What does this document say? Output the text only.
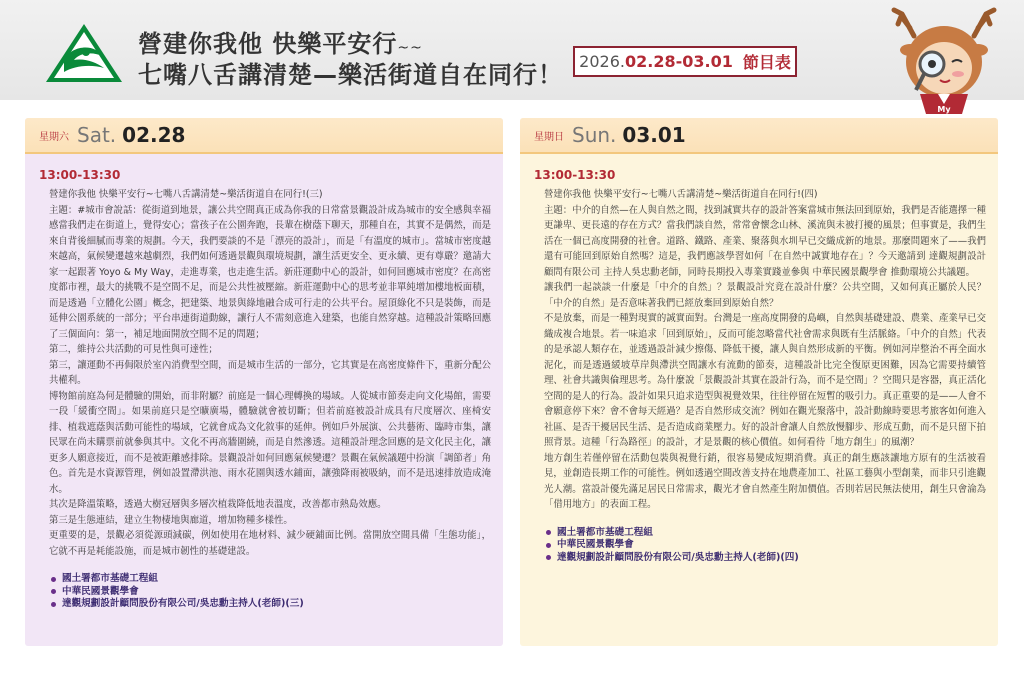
營建你我他 快樂平安行~~
七嘴八舌講清楚—樂活街道自在同行！ 2026.02.28-03.01 節目表
My
星期六 Sat. 02.28
13:00-13:30

營建你我他 快樂平安行~七嘴八舌講清楚~樂活街道自在同行!(三)

主題：#城市會說話：從街道到地景，讓公共空間真正成為你我的日常當景觀設計成為城市的安全感與幸福感當我們走在街道上，覺得安心；當孩子在公園奔跑，長輩在樹蔭下聊天，那種自在，其實不是偶然，而是來自背後細膩而專業的規劃。今天，我們要談的不是「漂亮的設計」，而是「有溫度的城市」。當城市密度越來越高，氣候變遷越來越劇烈，我們如何透過景觀與環境規劃，讓生活更安全、更永續、更有尊嚴？邀請大家一起跟著 Yoyo & My Way，走進專業，也走進生活。新莊運動中心的設計，如何回應城市密度？在高密度都市裡，最大的挑戰不是空間不足，而是公共性被壓縮。新莊運動中心的思考並非單純增加樓地板面積，而是透過「立體化公園」概念，把建築、地景與綠地融合成可行走的公共平台。屋頂綠化不只是裝飾，而是延伸公園系統的一部分；平台串連街道動線，讓行人不需刻意進入建築，也能自然穿越。這種設計策略回應了三個面向：第一，補足地面開放空間不足的問題；

第二，維持公共活動的可見性與可達性；

第三，讓運動不再侷限於室內消費型空間，而是城市生活的一部分，它其實是在高密度條件下，重新分配公共權利。

博物館前庭為何是體驗的開始，而非附屬？前庭是一個心理轉換的場域。人從城市節奏走向文化場館，需要一段「緩衝空間」。如果前庭只是空曠廣場，體驗就會被切斷；但若前庭被設計成具有尺度層次、座椅安排、植栽遮蔭與活動可能性的場域，它就會成為文化敘事的延伸。例如戶外展演、公共藝術、臨時市集，讓民眾在尚未購票前就參與其中。文化不再高牆圍繞，而是自然滲透。這種設計理念回應的是文化民主化，讓更多人願意接近，而不是被距離感排除。景觀設計如何回應氣候變遷？景觀在氣候議題中扮演「調節者」角色。首先是水資源管理，例如設置滯洪池、雨水花園與透水鋪面，讓強降雨被吸納，而不是迅速排放造成淹水。

其次是降溫策略，透過大樹冠層與多層次植栽降低地表溫度，改善都市熱島效應。

第三是生態連結，建立生物棲地與廊道，增加物種多樣性。

更重要的是，景觀必須從源頭減碳，例如使用在地材料、減少硬鋪面比例。當開放空間具備「生態功能」，它就不再是耗能設施，而是城市韌性的基礎建設。

國土署都市基礎工程組
中華民國景觀學會
達觀規劃設計顧問股份有限公司/吳忠勳主持人(老師)(三)
星期日 Sun. 03.01
13:00-13:30

營建你我他 快樂平安行~七嘴八舌講清楚~樂活街道自在同行!(四)

主題：中介的自然—在人與自然之間，找到誠實共存的設計答案當城市無法回到原始，我們是否能選擇一種更謙卑、更長遠的存在方式？當我們談自然，常常會懷念山林、溪流與未被打擾的風景；但事實是，我們生活在一個已高度開發的社會。道路、鐵路、產業、聚落與水圳早已交織成新的地景。那麼問題來了——我們還有可能回到原始自然嗎？這是，我們應該學習如何「在自然中誠實地存在」？今天邀請到 達觀規劃設計顧問有限公司 主持人吳忠勳老師，同時長期投入專業實踐並參與 中華民國景觀學會 推動環境公共議題。

讓我們一起談談一什麼是「中介的自然」？景觀設計究竟在設計什麼？公共空間，又如何真正屬於人民？「中介的自然」是否意味著我們已經放棄回到原始自然？

不是放棄，而是一種對現實的誠實面對。台灣是一座高度開發的島嶼，自然與基礎建設、農業、產業早已交織成複合地景。若一味追求「回到原始」，反而可能忽略當代社會需求與既有生活脈絡。「中介的自然」代表的是承認人類存在，並透過設計減少擦傷、降低干擾，讓人與自然形成新的平衡。例如河岸整治不再全面水泥化，而是透過緩坡草岸與滯洪空間讓水有流動的節奏，這種設計比完全復原更困難，因為它需要持續管理、社會共識與倫理思考。為什麼說「景觀設計其實在設計行為，而不是空間」？空間只是容器，真正活化空間的是人的行為。設計如果只追求造型與視覺效果，往往停留在短暫的吸引力。真正重要的是——人會不會願意停下來？會不會每天經過？是否自然形成交流？例如在觀光聚落中，設計動線時要思考旅客如何進入社區、是否干擾居民生活、是否造成商業壓力。好的設計會讓人自然放慢腳步、形成互動，而不是只留下拍照背景。這種「行為路徑」的設計，才是景觀的核心價值。如何看待「地方創生」的風潮？

地方創生若僅停留在活動包裝與視覺行銷，很容易變成短期消費。真正的創生應該讓地方原有的生活被看見，並創造長期工作的可能性。例如透過空間改善支持在地農產加工、社區工藝與小型創業，而非只引進觀光人潮。當設計優先滿足居民日常需求，觀光才會自然產生附加價值。否則若居民無法使用，創生只會淪為「借用地方」的表面工程。

國土署都市基礎工程組
中華民國景觀學會
達觀規劃設計顧問股份有限公司/吳忠勳主持人(老師)(四)
